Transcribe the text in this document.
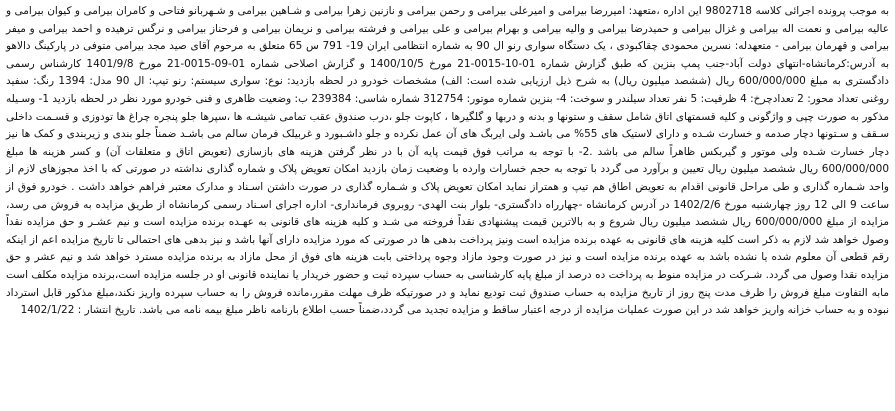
به موجب پرونده اجرائی کلاسه 9802718 این اداره ،متعهد: امیررضا بیرامی و امیرعلی بیرامی و رحمن بیرامی و نازنین زهرا بیرامی و شـاهین بیرامی و شـهربانو فتاحی و کامران بیرامی و کیوان بیرامی و عالیه بیرامی و نعمت اله بیرامی و غزال بیرامی و حمیدرضا بیرامی و والیه بیرامی و بهرام بیرامی و علی بیرامی و فرشته بیرامی و نریمان بیرامی و فرحناز بیرامی و نرگس ترهیده و احمد بیرامی و میفر بیرامی و قهرمان بیرامی - متعهدله: نسرین محمودی چقاکبودی ، یک دستگاه سواری رنو ال 90 به شماره انتظامی ایران 19- 791 س 65 متعلق به مرحوم آقای صید مجد بیرامی متوفی در پارکینگ دالاهو به آدرس:کرمانشاه-انتهای دولت آباد-جنب پمپ بنزین که طبق گزارش شماره 01-10-0015-21 مورخ 1400/10/5 و گزارش اصلاحی شماره 01-09-0015-21 مورخ 1401/9/8 کارشناس رسمی دادگستری به مبلغ 600/000/000 ریال (ششصد میلیون ریال) به شرح ذیل ارزیابی شده است: الف) مشخصات خودرو در لحظه بازدید: نوع: سواری سیستم: رنو تیپ: ال 90 مدل: 1394 رنگ: سفید روغنی تعداد محور: 2 تعدادچرخ: 4 ظرفیت: 5 نفر تعداد سیلندر و سوخت: 4- بنزین شماره موتور: 312754 شماره شاسی: 239384 ب: وضعیت ظاهری و فنی خودرو مورد نظر در لحظه بازدید 1- وسـیله مذکور به صورت چپی و واژگونی و کلیه قسمتهای اتاق شامل سقف و ستونها و بدنه و دربها و گلگیرها ، کاپوت جلو ،درب صندوق عقب تمامی شیشـه ها ،سپرها جلو پنجره چراغ ها تودوزی و قسـمت داخلی سـقف و سـتونها دچار صدمه و خسارت شـده و دارای لاستیک های 55% می باشـد ولی ایربگ های آن عمل نکرده و جلو داشـبورد و غربیلک فرمان سالم می باشـد ضمناً جلو بندی و زیربندی و کمک ها نیز دچار خسارت شـده ولی موتور و گیربکس ظاهراً سالم می باشد .2- با توجه به مراتب فوق قیمت پایه آن با در نظر گرفتن هزینه های بازسازی (تعویض اتاق و متعلقات آن) و کسر هزینه ها مبلغ 600/000/000 ریال ششصد میلیون ریال تعیین و برآورد می گردد با توجه به حجم خسارات وارده با وضعیت زمان بازدید امکان تعویض پلاک و شماره گذاری نداشته در صورتی که با اخذ مجوزهای لازم از واحد شـماره گذاری و طی مراحل قانونی اقدام به تعویض اطاق هم تیپ و همتراز نماید امکان تعویض پلاک و شـماره گذاری در صورت داشتن اسـناد و مدارک معتبر فراهم خواهد داشت . خودرو فوق از ساعت 9 الی 12 روز چهارشنبه مورخ 1402/2/6 در آدرس کرمانشاه -چهارراه دادگستری- بلوار بنت الهدی- روبروی فرمانداری- اداره اجرای اسـناد رسمی کرمانشاه از طریق مزایده به فروش می رسد، مزایده از مبلغ 600/000/000 ریال ششصد میلیون ریال شروع و به بالاترین قیمت پیشنهادی نقداً فروخته می شـد و کلیه هزینه های قانونی به عهـده برنده مزایده است و نیم عشـر و حق مزایده نقداً وصول خواهد شد لازم به ذکر است کلیه هزینه های قانونی به عهده برنده مزایده است ونیز پرداخت بدهی ها در صورتی که مورد مزایده دارای آنها باشد و نیز بدهی های احتمالی تا تاریخ مزایده اعم از اینکه رقم قطعی آن معلوم شده یا نشده باشد به عهده برنده مزایده است و نیز در صورت وجود مازاد وجوه پرداختی بابت هزینه های فوق از محل مازاد به برنده مزایده مسترد خواهد شد و نیم عشر و حق مزایده نقدا وصول می گردد. شـرکت در مزایده منوط به پرداخت ده درصد از مبلغ پایه کارشناسی به حساب سپرده ثبت و حضور خریدار یا نماینده قانونی او در جلسه مزایده است،برنده مزایده مکلف است مابه التفاوت مبلغ فروش را ظرف مدت پنج روز از تاریخ مزایده به حساب صندوق ثبت تودیع نماید و در صورتیکه ظرف مهلت مقرر،مانده فروش را به حساب سپرده واریز نکند،مبلغ مذکور قابل استرداد نبوده و به حساب خزانه واریز خواهد شد در این صورت عملیات مزایده از درجه اعتبار ساقط و مزایده تجدید می گردد،ضمناً حسب اطلاع بارنامه ناظر مبلغ بیمه نامه می باشد. تاریخ انتشار : 1402/1/22
